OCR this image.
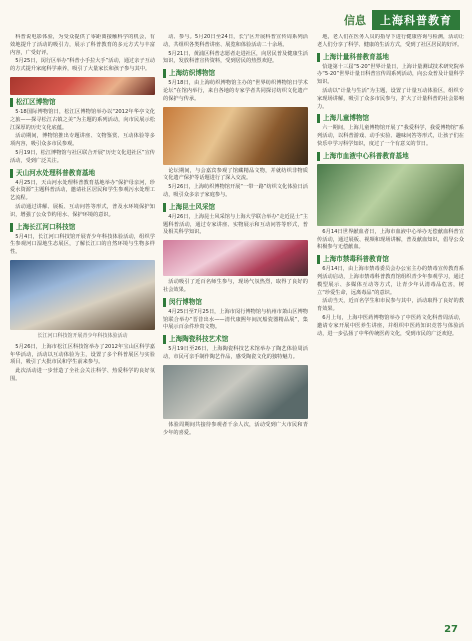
信息	上海科普教育

科普说电影体验，为受众提供了零距离接触科学的机会，有效地提升了活动的吸引力，展示了科普教育的多元方式与丰富内容，广受好评。

5月25日，闵行区举办“科普小手拉大手”活动，通过亲子互动的方式提升家庭科学素养，吸引了大量家长和孩子参与其中。

松江区博物馆

5·18国际博物馆日，松江区博物馆举办以“2012年华亭文化之旅——探寻松江古镇之美”为主题的系列活动，向市民展示松江深厚的历史文化底蕴。

活动期间，博物馆推出专题讲座、文物鉴赏、互动体验等多项内容，吸引众多市民参观。

5月19日，松江博物馆与社区联合开展“历史文化进社区”宣传活动，受到广泛关注。

天山河水处理科普教育基地

4月25日，天山河水处理科普教育基地举办“保护母亲河，珍爱水资源”主题科普活动，邀请社区居民和学生参观污水处理工艺流程。

活动通过讲解、展板、互动问答等形式，普及水环境保护知识，增强了公众节约用水、保护环境的意识。

上海长江河口科技馆

5月4日，长江河口科技馆开展青少年科技体验活动，组织学生参观河口湿地生态展区，了解长江口的自然环境与生物多样性。

长江河口科技馆开展青少年科技体验活动

5月26日，上海市松江区科技馆举办了2012年宝山区科学嘉年华活动，活动以互动体验为主，设置了多个科普展区与实验项目，吸引了大批市民和学生前来参与。

此次活动进一步营造了全社会关注科学、热爱科学的良好氛围。

动、参与。5月20日至24日，长宁区开展科普宣传周系列活动，共组织各类科普讲座、展览和体验活动二十余场。

5月21日，黄浦区科普志愿者走进社区，向居民普及健康生活知识，发放科普宣传资料，受到居民的热烈欢迎。

上海纺织博物馆

5月18日，由上海纺织博物馆主办的“世界纺织博物馆日学术论坛”在馆内举行，来自各地的专家学者共同探讨纺织文化遗产的保护与传承。

论坛期间，与会嘉宾参观了馆藏精品文物，并就纺织非物质文化遗产保护等话题进行了深入交流。

5月26日，上海纺织博物馆开展“一带一路”纺织文化体验日活动，吸引众多亲子家庭参与。

上海昆士风采馆

4月26日，上海昆士风采馆与上海大学联合举办“走近昆士”主题科普活动，通过专家讲座、实物展示和互动问答等形式，普及相关科学知识。

活动吸引了近百名师生参与，现场气氛热烈，取得了良好的社会效果。

闵行博物馆

4月25日至7月25日，上海市闵行博物馆与杭州市萧山区博物馆联合举办“晋昔出水——清代康熙年间沉船瓷器精品展”，集中展示百余件珍贵文物。

上海陶瓷科技艺术馆

5月19日至26日，上海陶瓷科技艺术馆举办了陶艺体验周活动，市民可亲手制作陶艺作品，感受陶瓷文化的独特魅力。

体验周期间共接待参观者千余人次，活动受到广大市民和青少年的喜爱。

地，老人们在医务人员的指导下进行健康咨询与检测，活动让老人们分享了科学、健康的生活方式，受到了社区居民的好评。

上海计量科普教育基地

恰逢第十三届“5·20”世界计量日，上海计量测试技术研究院举办“5·20”世界计量日科普宣传周系列活动，向公众普及计量科学知识。

活动以“计量与生活”为主题，设置了计量互动体验区，组织专家现场讲解，吸引了众多市民参与，扩大了计量科普的社会影响力。

上海儿童博物馆

六一期间，上海儿童博物馆开展了“我爱科学，我爱博物馆”系列活动，以科普游戏、动手实验、趣味问答等形式，让孩子们在快乐中学习科学知识，度过了一个有意义的节日。

上海市血液中心科普教育基地

6月14日世界献血者日，上海市血液中心举办无偿献血科普宣传活动，通过展板、视频和现场讲解，普及献血知识，倡导公众积极参与无偿献血。

上海市禁毒科普教育馆

6月14日，由上海市禁毒委员会办公室主办的禁毒宣传教育系列活动启动，上海市禁毒科普教育馆组织青少年参观学习，通过模型展示、多媒体互动等方式，让青少年认清毒品危害，树立“珍爱生命，远离毒品”的意识。

活动当天，近百名学生和市民参与其中，活动取得了良好的教育效果。

6月上旬，上海中医药博物馆举办了中医药文化科普周活动，邀请专家开展中医养生讲座，并组织中医药知识竞答与体验活动，进一步弘扬了中华传统医药文化，受到市民的广泛欢迎。

27
